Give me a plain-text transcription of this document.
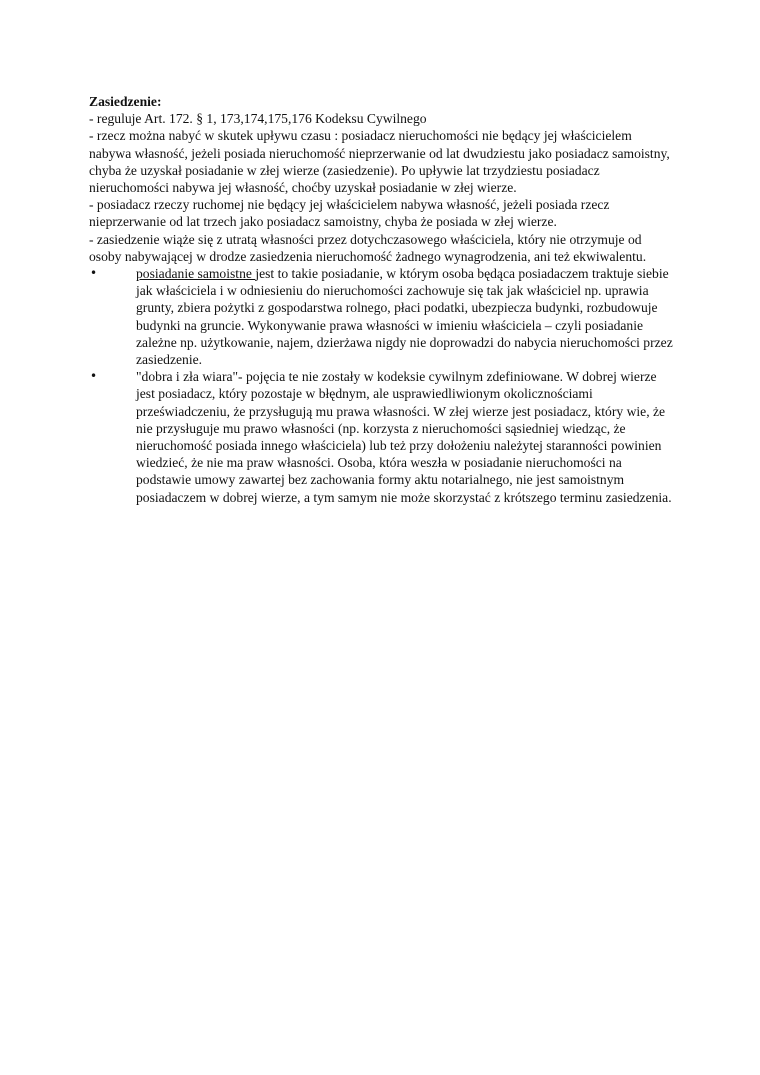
Zasiedzenie:

- reguluje Art. 172. § 1, 173,174,175,176 Kodeksu Cywilnego

- rzecz można nabyć w skutek upływu czasu : posiadacz nieruchomości nie będący jej właścicielem nabywa własność, jeżeli posiada nieruchomość nieprzerwanie od lat dwudziestu jako posiadacz samoistny, chyba że uzyskał posiadanie w złej wierze (zasiedzenie). Po upływie lat trzydziestu posiadacz nieruchomości nabywa jej własność, choćby uzyskał posiadanie w złej wierze.

- posiadacz rzeczy ruchomej nie będący jej właścicielem nabywa własność, jeżeli posiada rzecz nieprzerwanie od lat trzech jako posiadacz samoistny, chyba że posiada w złej wierze.

- zasiedzenie wiąże się z utratą własności przez dotychczasowego właściciela, który nie otrzymuje od osoby nabywającej w drodze zasiedzenia nieruchomość żadnego wynagrodzenia, ani też ekwiwalentu.

•	posiadanie samoistne jest to takie posiadanie, w którym osoba będąca posiadaczem traktuje siebie jak właściciela i w odniesieniu do nieruchomości zachowuje się tak jak właściciel np. uprawia grunty, zbiera pożytki z gospodarstwa rolnego, płaci podatki, ubezpiecza budynki, rozbudowuje budynki na gruncie. Wykonywanie prawa własności w imieniu właściciela – czyli posiadanie zależne np. użytkowanie, najem, dzierżawa nigdy nie doprowadzi do nabycia nieruchomości przez zasiedzenie.
•	"dobra i zła wiara"- pojęcia te nie zostały w kodeksie cywilnym zdefiniowane. W dobrej wierze jest posiadacz, który pozostaje w błędnym, ale usprawiedliwionym okolicznościami przeświadczeniu, że przysługują mu prawa własności. W złej wierze jest posiadacz, który wie, że nie przysługuje mu prawo własności (np. korzysta z nieruchomości sąsiedniej wiedząc, że nieruchomość posiada innego właściciela) lub też przy dołożeniu należytej staranności powinien wiedzieć, że nie ma praw własności. Osoba, która weszła w posiadanie nieruchomości na podstawie umowy zawartej bez zachowania formy aktu notarialnego, nie jest samoistnym posiadaczem w dobrej wierze, a tym samym nie może skorzystać z krótszego terminu zasiedzenia.
